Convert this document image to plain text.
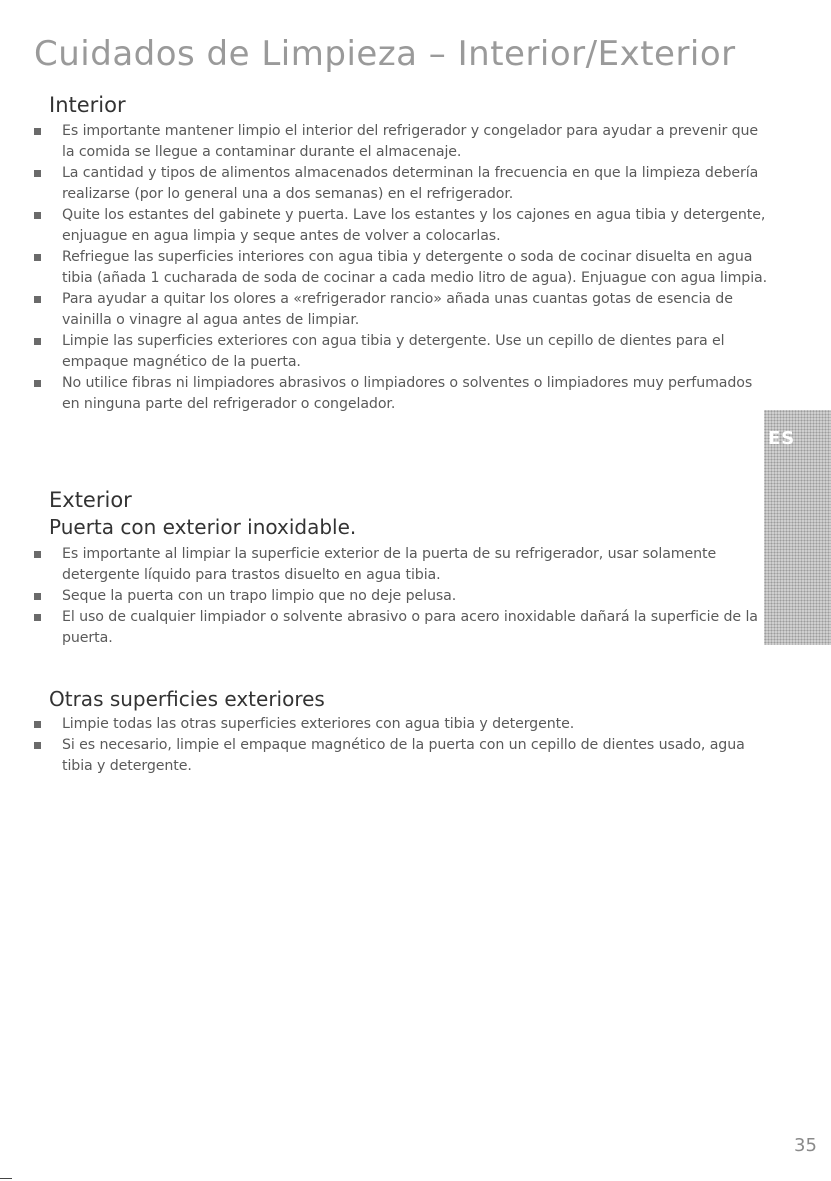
Cuidados de Limpieza – Interior/Exterior
Interior
Es importante mantener limpio el interior del refrigerador y congelador para ayudar a prevenir que la comida se llegue a contaminar durante el almacenaje.
La cantidad y tipos de alimentos almacenados determinan la frecuencia en que la limpieza debería realizarse (por lo general una a dos semanas) en el refrigerador.
Quite los estantes del gabinete y puerta. Lave los estantes y los cajones en agua tibia y detergente, enjuague en agua limpia y seque antes de volver a colocarlas.
Refriegue las superficies interiores con agua tibia y detergente o soda de cocinar disuelta en agua tibia (añada 1 cucharada de soda de cocinar a cada medio litro de agua). Enjuague con agua limpia.
Para ayudar a quitar los olores a «refrigerador rancio» añada unas cuantas gotas de esencia de vainilla o vinagre al agua antes de limpiar.
Limpie las superficies exteriores con agua tibia y detergente. Use un cepillo de dientes para el empaque magnético de la puerta.
No utilice fibras ni limpiadores abrasivos o limpiadores o solventes o limpiadores muy perfumados en ninguna parte del refrigerador o congelador.
Exterior
Puerta con exterior inoxidable.
Es importante al limpiar la superficie exterior de la puerta de su refrigerador, usar solamente detergente líquido para trastos disuelto en agua tibia.
Seque la puerta con un trapo limpio que no deje pelusa.
El uso de cualquier limpiador o solvente abrasivo o para acero inoxidable dañará la superficie de la puerta.
Otras superficies exteriores
Limpie todas las otras superficies exteriores con agua tibia y detergente.
Si es necesario, limpie el empaque magnético de la puerta con un cepillo de dientes usado, agua tibia y detergente.
ES
35
